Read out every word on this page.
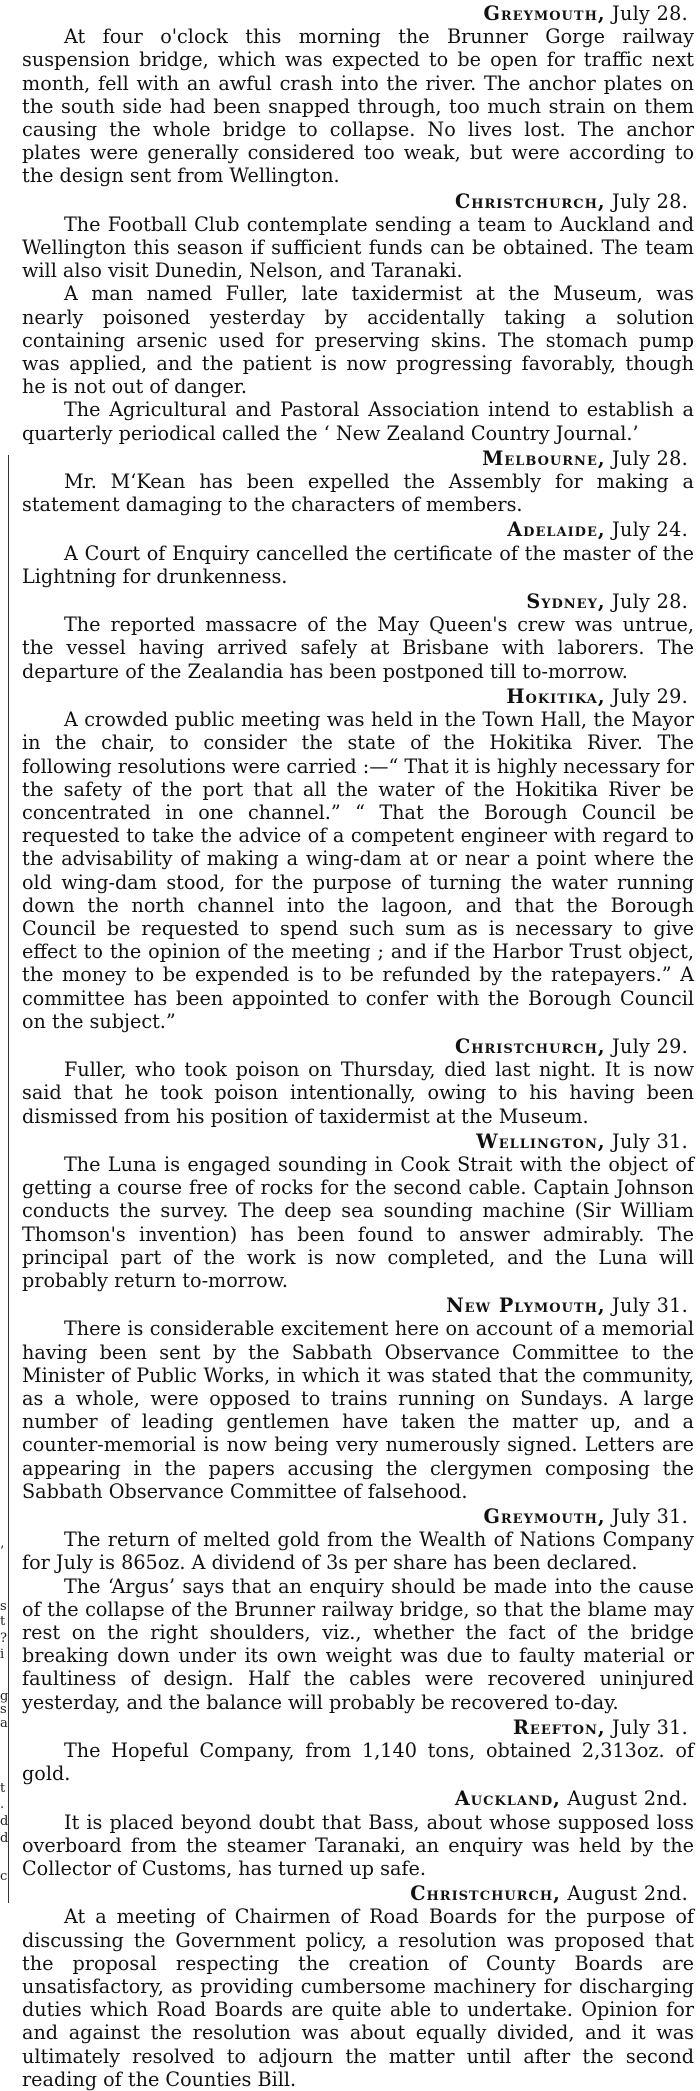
’
s
t
?
i
g
s
a
t
.
d
d
c
Greymouth, July 28.

At four o'clock this morning the Brunner Gorge railway suspension bridge, which was expected to be open for traffic next month, fell with an awful crash into the river. The anchor plates on the south side had been snapped through, too much strain on them causing the whole bridge to collapse. No lives lost. The anchor plates were generally considered too weak, but were according to the design sent from Wellington.

Christchurch, July 28.

The Football Club contemplate sending a team to Auckland and Wellington this season if sufficient funds can be obtained. The team will also visit Dunedin, Nelson, and Taranaki.

A man named Fuller, late taxidermist at the Museum, was nearly poisoned yesterday by accidentally taking a solution containing arsenic used for preserving skins. The stomach pump was applied, and the patient is now progressing favorably, though he is not out of danger.

The Agricultural and Pastoral Association intend to establish a quarterly periodical called the ‘ New Zealand Country Journal.’

Melbourne, July 28.

Mr. M‘Kean has been expelled the Assembly for making a statement damaging to the characters of members.

Adelaide, July 24.

A Court of Enquiry cancelled the certificate of the master of the Lightning for drunkenness.

Sydney, July 28.

The reported massacre of the May Queen's crew was untrue, the vessel having arrived safely at Brisbane with laborers. The departure of the Zealandia has been postponed till to-morrow.

Hokitika, July 29.

A crowded public meeting was held in the Town Hall, the Mayor in the chair, to consider the state of the Hokitika River. The following resolutions were carried :—“ That it is highly necessary for the safety of the port that all the water of the Hokitika River be concentrated in one channel.” “ That the Borough Council be requested to take the advice of a competent engineer with regard to the advisability of making a wing-dam at or near a point where the old wing-dam stood, for the purpose of turning the water running down the north channel into the lagoon, and that the Borough Council be requested to spend such sum as is necessary to give effect to the opinion of the meeting ; and if the Harbor Trust object, the money to be expended is to be refunded by the ratepayers.” A committee has been appointed to confer with the Borough Council on the subject.”

Christchurch, July 29.

Fuller, who took poison on Thursday, died last night. It is now said that he took poison intentionally, owing to his having been dismissed from his position of taxidermist at the Museum.

Wellington, July 31.

The Luna is engaged sounding in Cook Strait with the object of getting a course free of rocks for the second cable. Captain Johnson conducts the survey. The deep sea sounding machine (Sir William Thomson's invention) has been found to answer admirably. The principal part of the work is now completed, and the Luna will probably return to-morrow.

New Plymouth, July 31.

There is considerable excitement here on account of a memorial having been sent by the Sabbath Observance Committee to the Minister of Public Works, in which it was stated that the community, as a whole, were opposed to trains running on Sundays. A large number of leading gentlemen have taken the matter up, and a counter-memorial is now being very numerously signed. Letters are appearing in the papers accusing the clergymen composing the Sabbath Observance Committee of falsehood.

Greymouth, July 31.

The return of melted gold from the Wealth of Nations Company for July is 865oz. A dividend of 3s per share has been declared.

The ‘Argus’ says that an enquiry should be made into the cause of the collapse of the Brunner railway bridge, so that the blame may rest on the right shoulders, viz., whether the fact of the bridge breaking down under its own weight was due to faulty material or faultiness of design. Half the cables were recovered uninjured yesterday, and the balance will probably be recovered to-day.

Reefton, July 31.

The Hopeful Company, from 1,140 tons, obtained 2,313oz. of gold.

Auckland, August 2nd.

It is placed beyond doubt that Bass, about whose supposed loss overboard from the steamer Taranaki, an enquiry was held by the Collector of Customs, has turned up safe.

Christchurch, August 2nd.

At a meeting of Chairmen of Road Boards for the purpose of discussing the Government policy, a resolution was proposed that the proposal respecting the creation of County Boards are unsatisfactory, as providing cumbersome machinery for discharging duties which Road Boards are quite able to undertake. Opinion for and against the resolution was about equally divided, and it was ultimately resolved to adjourn the matter until after the second reading of the Counties Bill.
